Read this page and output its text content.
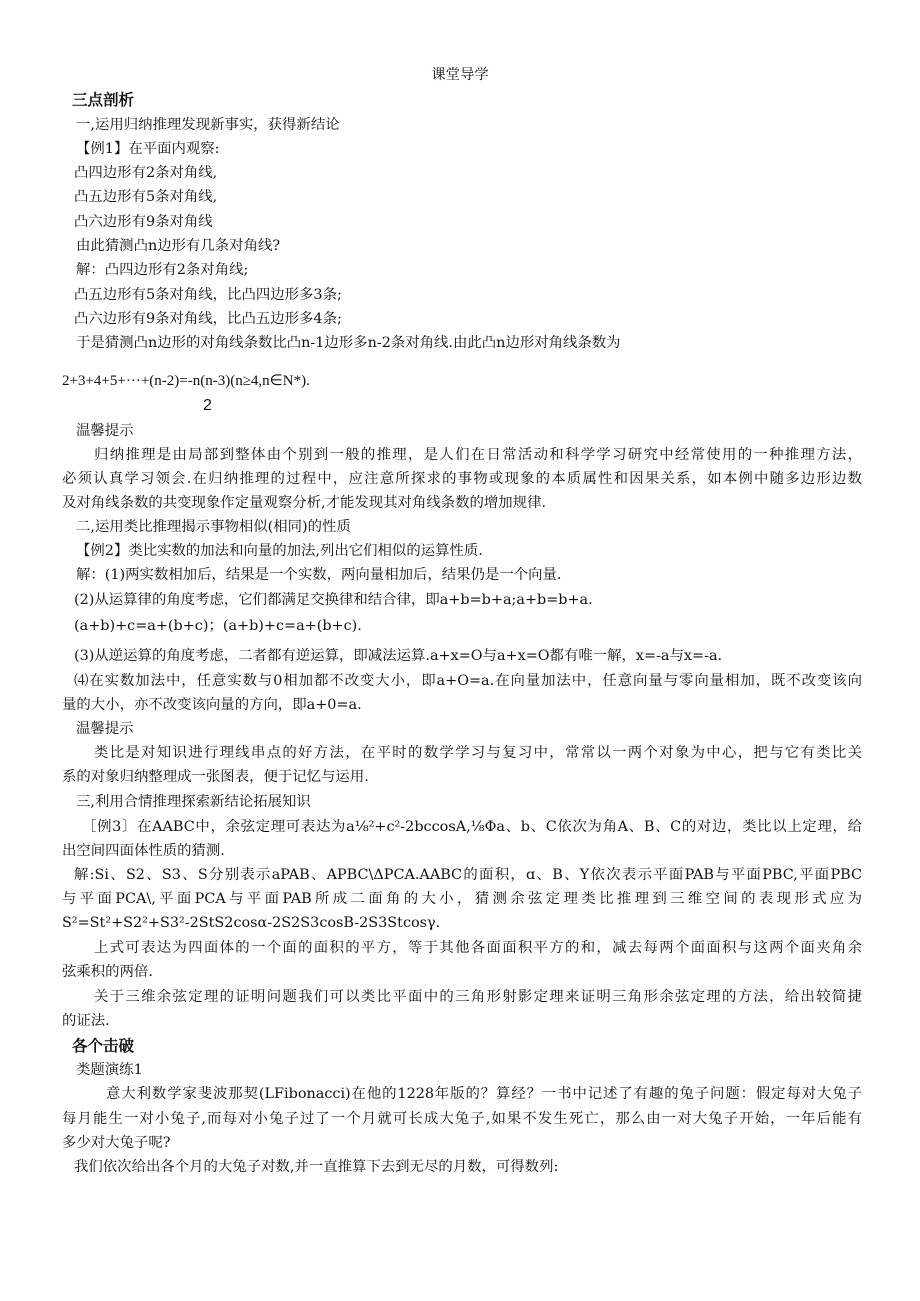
课堂导学
三点剖析
一,运用归纳推理发现新事实，获得新结论
【例1】在平面内观察:
凸四边形有2条对角线,
凸五边形有5条对角线,
凸六边形有9条对角线
由此猜测凸n边形有几条对角线?
解：凸四边形有2条对角线;
凸五边形有5条对角线，比凸四边形多3条;
凸六边形有9条对角线，比凸五边形多4条;
于是猜测凸n边形的对角线条数比凸n-1边形多n-2条对角线.由此凸n边形对角线条数为
2+3+4+5+···+(n-2)=-n(n-3)(n≥4,n∈N*).
2
温馨提示
归纳推理是由局部到整体由个别到一般的推理，是人们在日常活动和科学学习研究中经常使用的一种推理方法，
必须认真学习领会.在归纳推理的过程中，应注意所探求的事物或现象的本质属性和因果关系，如本例中随多边形边数
及对角线条数的共变现象作定量观察分析,才能发现其对角线条数的增加规律.
二,运用类比推理揭示事物相似(相同)的性质
【例2】类比实数的加法和向量的加法,列出它们相似的运算性质.
解：(1)两实数相加后，结果是一个实数，两向量相加后，结果仍是一个向量.
(2)从运算律的角度考虑，它们都满足交换律和结合律，即a+b=b+a;a+b=b+a.
(a+b)+c=a+(b+c)；(a+b)+c=a+(b+c).
(3)从逆运算的角度考虑，二者都有逆运算，即减法运算.a+x=O与a+x=O都有唯一解，x=-a与x=-a.
⑷在实数加法中，任意实数与0相加都不改变大小，即a+O=a.在向量加法中，任意向量与零向量相加，既不改变该向
量的大小，亦不改变该向量的方向，即a+0=a.
温馨提示
类比是对知识进行理线串点的好方法，在平时的数学学习与复习中，常常以一两个对象为中心，把与它有类比关
系的对象归纳整理成一张图表，便于记忆与运用.
三,利用合情推理探索新结论拓展知识
［例3〕在AABC中，余弦定理可表达为a⅛²+c²-2bccosA,⅛Φa、b、C依次为角A、B、C的对边，类比以上定理，给
出空间四面体性质的猜测.
解:Si、S2、S3、S分别表示aPAB、APBC\ΔPCA.AABC的面积，ɑ、B、Y依次表示平面PAB与平面PBC,平面PBC
与平面PCA\,平面PCA与平面PAB所成二面角的大小，猜测余弦定理类比推理到三维空间的表现形式应为
S²=St²+S2²+S3²-2StS2cosα-2S2S3cosB-2S3Stcosγ.
上式可表达为四面体的一个面的面积的平方，等于其他各面面积平方的和，减去每两个面面积与这两个面夹角余
弦乘积的两倍.
关于三维余弦定理的证明问题我们可以类比平面中的三角形射影定理来证明三角形余弦定理的方法，给出较简捷
的证法.
各个击破
类题演练1
意大利数学家斐波那契(LFibonacci)在他的1228年版的？算经？一书中记述了有趣的兔子问题：假定每对大兔子
每月能生一对小兔子,而每对小兔子过了一个月就可长成大兔子,如果不发生死亡，那么由一对大兔子开始，一年后能有
多少对大兔子呢?
我们依次给出各个月的大兔子对数,并一直推算下去到无尽的月数，可得数列:
